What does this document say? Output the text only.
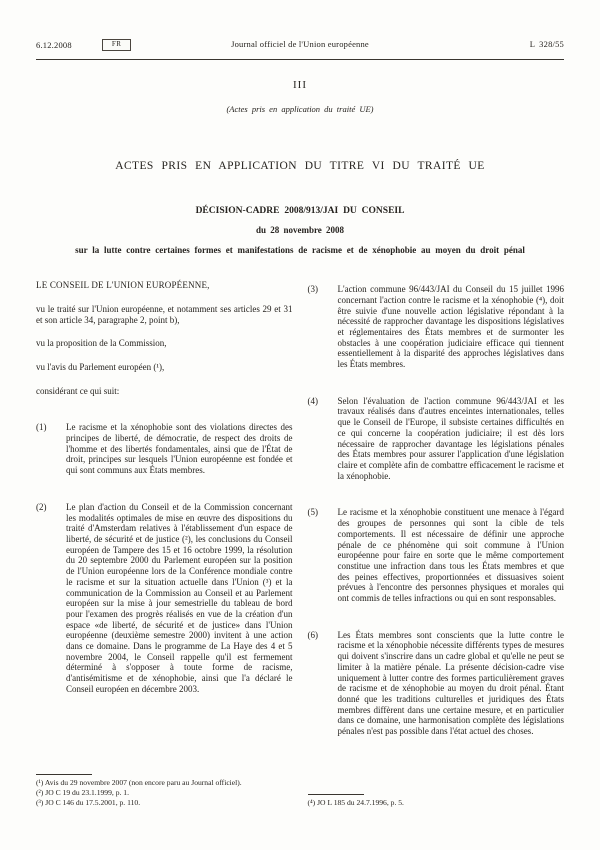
Journal officiel de l'Union européenne
6.12.2008	FR	L 328/55
III
(Actes pris en application du traité UE)
ACTES PRIS EN APPLICATION DU TITRE VI DU TRAITÉ UE
DÉCISION-CADRE 2008/913/JAI DU CONSEIL
du 28 novembre 2008
sur la lutte contre certaines formes et manifestations de racisme et de xénophobie au moyen du droit pénal

LE CONSEIL DE L'UNION EUROPÉENNE,

vu le traité sur l'Union européenne, et notamment ses articles 29 et 31 et son article 34, paragraphe 2, point b),

vu la proposition de la Commission,

vu l'avis du Parlement européen (¹),

considérant ce qui suit:

(1)	Le racisme et la xénophobie sont des violations directes des principes de liberté, de démocratie, de respect des droits de l'homme et des libertés fondamentales, ainsi que de l'État de droit, principes sur lesquels l'Union européenne est fondée et qui sont communs aux États membres.
(2)	Le plan d'action du Conseil et de la Commission concernant les modalités optimales de mise en œuvre des dispositions du traité d'Amsterdam relatives à l'établissement d'un espace de liberté, de sécurité et de justice (²), les conclusions du Conseil européen de Tampere des 15 et 16 octobre 1999, la résolution du 20 septembre 2000 du Parlement européen sur la position de l'Union européenne lors de la Conférence mondiale contre le racisme et sur la situation actuelle dans l'Union (³) et la communication de la Commission au Conseil et au Parlement européen sur la mise à jour semestrielle du tableau de bord pour l'examen des progrès réalisés en vue de la création d'un espace «de liberté, de sécurité et de justice» dans l'Union européenne (deuxième semestre 2000) invitent à une action dans ce domaine. Dans le programme de La Haye des 4 et 5 novembre 2004, le Conseil rappelle qu'il est fermement déterminé à s'opposer à toute forme de racisme, d'antisémitisme et de xénophobie, ainsi que l'a déclaré le Conseil européen en décembre 2003.
(¹) Avis du 29 novembre 2007 (non encore paru au Journal officiel).
(²) JO C 19 du 23.1.1999, p. 1.
(³) JO C 146 du 17.5.2001, p. 110.
(3)	L'action commune 96/443/JAI du Conseil du 15 juillet 1996 concernant l'action contre le racisme et la xénophobie (⁴), doit être suivie d'une nouvelle action législative répondant à la nécessité de rapprocher davantage les dispositions législatives et réglementaires des États membres et de surmonter les obstacles à une coopération judiciaire efficace qui tiennent essentiellement à la disparité des approches législatives dans les États membres.
(4)	Selon l'évaluation de l'action commune 96/443/JAI et les travaux réalisés dans d'autres enceintes internationales, telles que le Conseil de l'Europe, il subsiste certaines difficultés en ce qui concerne la coopération judiciaire; il est dès lors nécessaire de rapprocher davantage les législations pénales des États membres pour assurer l'application d'une législation claire et complète afin de combattre efficacement le racisme et la xénophobie.
(5)	Le racisme et la xénophobie constituent une menace à l'égard des groupes de personnes qui sont la cible de tels comportements. Il est nécessaire de définir une approche pénale de ce phénomène qui soit commune à l'Union européenne pour faire en sorte que le même comportement constitue une infraction dans tous les États membres et que des peines effectives, proportionnées et dissuasives soient prévues à l'encontre des personnes physiques et morales qui ont commis de telles infractions ou qui en sont responsables.
(6)	Les États membres sont conscients que la lutte contre le racisme et la xénophobie nécessite différents types de mesures qui doivent s'inscrire dans un cadre global et qu'elle ne peut se limiter à la matière pénale. La présente décision-cadre vise uniquement à lutter contre des formes particulièrement graves de racisme et de xénophobie au moyen du droit pénal. Étant donné que les traditions culturelles et juridiques des États membres diffèrent dans une certaine mesure, et en particulier dans ce domaine, une harmonisation complète des législations pénales n'est pas possible dans l'état actuel des choses.
(⁴) JO L 185 du 24.7.1996, p. 5.
